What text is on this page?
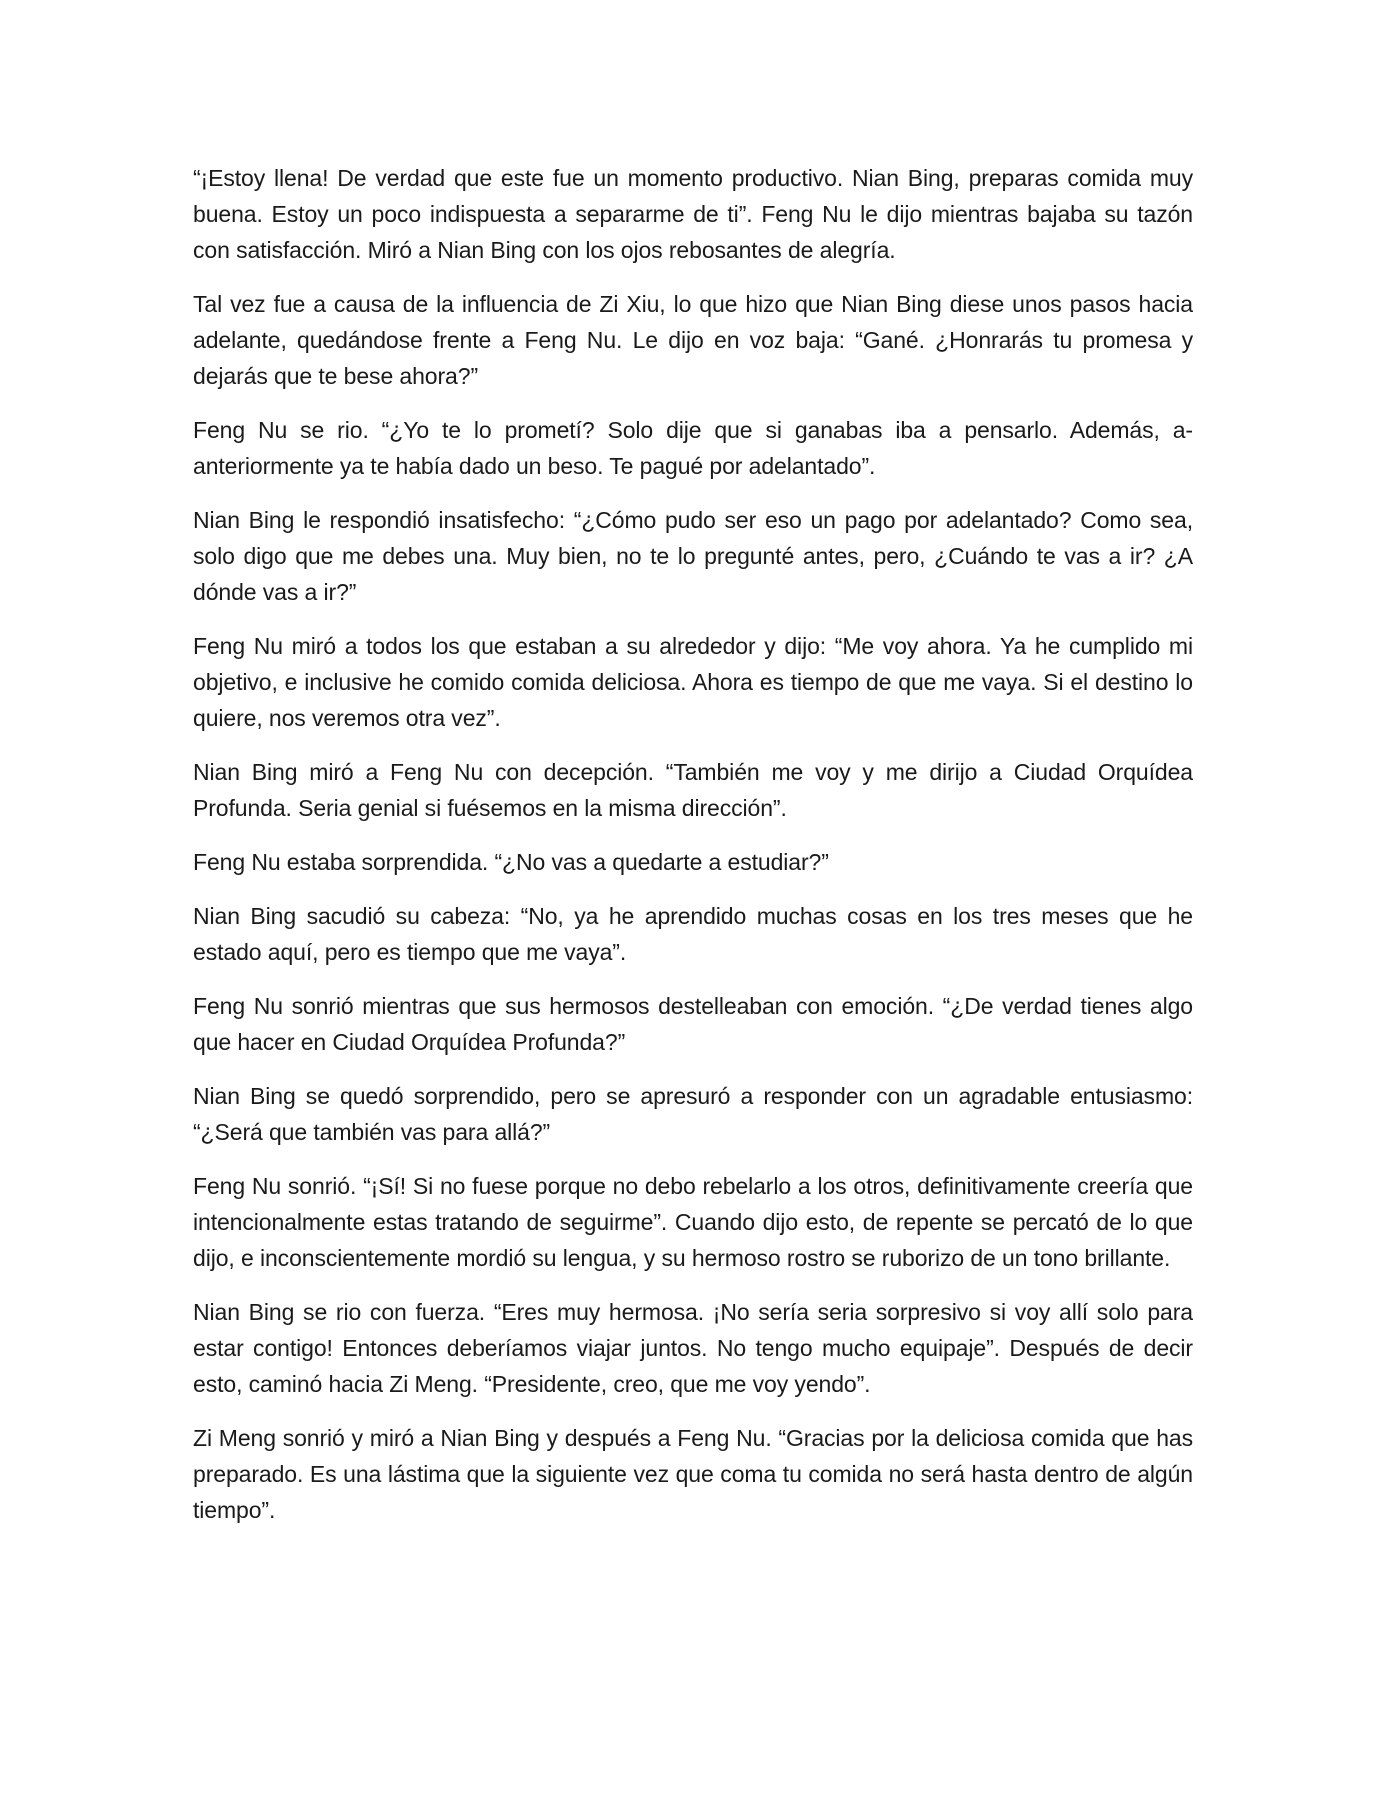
“¡Estoy llena! De verdad que este fue un momento productivo. Nian Bing, preparas comida muy buena. Estoy un poco indispuesta a separarme de ti”. Feng Nu le dijo mientras bajaba su tazón con satisfacción. Miró a Nian Bing con los ojos rebosantes de alegría.

Tal vez fue a causa de la influencia de Zi Xiu, lo que hizo que Nian Bing diese unos pasos hacia adelante, quedándose frente a Feng Nu. Le dijo en voz baja: “Gané. ¿Honrarás tu promesa y dejarás que te bese ahora?”

Feng Nu se rio. “¿Yo te lo prometí? Solo dije que si ganabas iba a pensarlo. Además, a-anteriormente ya te había dado un beso. Te pagué por adelantado”.

Nian Bing le respondió insatisfecho: “¿Cómo pudo ser eso un pago por adelantado? Como sea, solo digo que me debes una. Muy bien, no te lo pregunté antes, pero, ¿Cuándo te vas a ir? ¿A dónde vas a ir?”

Feng Nu miró a todos los que estaban a su alrededor y dijo: “Me voy ahora. Ya he cumplido mi objetivo, e inclusive he comido comida deliciosa. Ahora es tiempo de que me vaya. Si el destino lo quiere, nos veremos otra vez”.

Nian Bing miró a Feng Nu con decepción. “También me voy y me dirijo a Ciudad Orquídea Profunda. Seria genial si fuésemos en la misma dirección”.

Feng Nu estaba sorprendida. “¿No vas a quedarte a estudiar?”

Nian Bing sacudió su cabeza: “No, ya he aprendido muchas cosas en los tres meses que he estado aquí, pero es tiempo que me vaya”.

Feng Nu sonrió mientras que sus hermosos destelleaban con emoción. “¿De verdad tienes algo que hacer en Ciudad Orquídea Profunda?”

Nian Bing se quedó sorprendido, pero se apresuró a responder con un agradable entusiasmo: “¿Será que también vas para allá?”

Feng Nu sonrió. “¡Sí! Si no fuese porque no debo rebelarlo a los otros, definitivamente creería que intencionalmente estas tratando de seguirme”. Cuando dijo esto, de repente se percató de lo que dijo, e inconscientemente mordió su lengua, y su hermoso rostro se ruborizo de un tono brillante.

Nian Bing se rio con fuerza. “Eres muy hermosa. ¡No sería seria sorpresivo si voy allí solo para estar contigo! Entonces deberíamos viajar juntos. No tengo mucho equipaje”. Después de decir esto, caminó hacia Zi Meng. “Presidente, creo, que me voy yendo”.

Zi Meng sonrió y miró a Nian Bing y después a Feng Nu. “Gracias por la deliciosa comida que has preparado. Es una lástima que la siguiente vez que coma tu comida no será hasta dentro de algún tiempo”.
